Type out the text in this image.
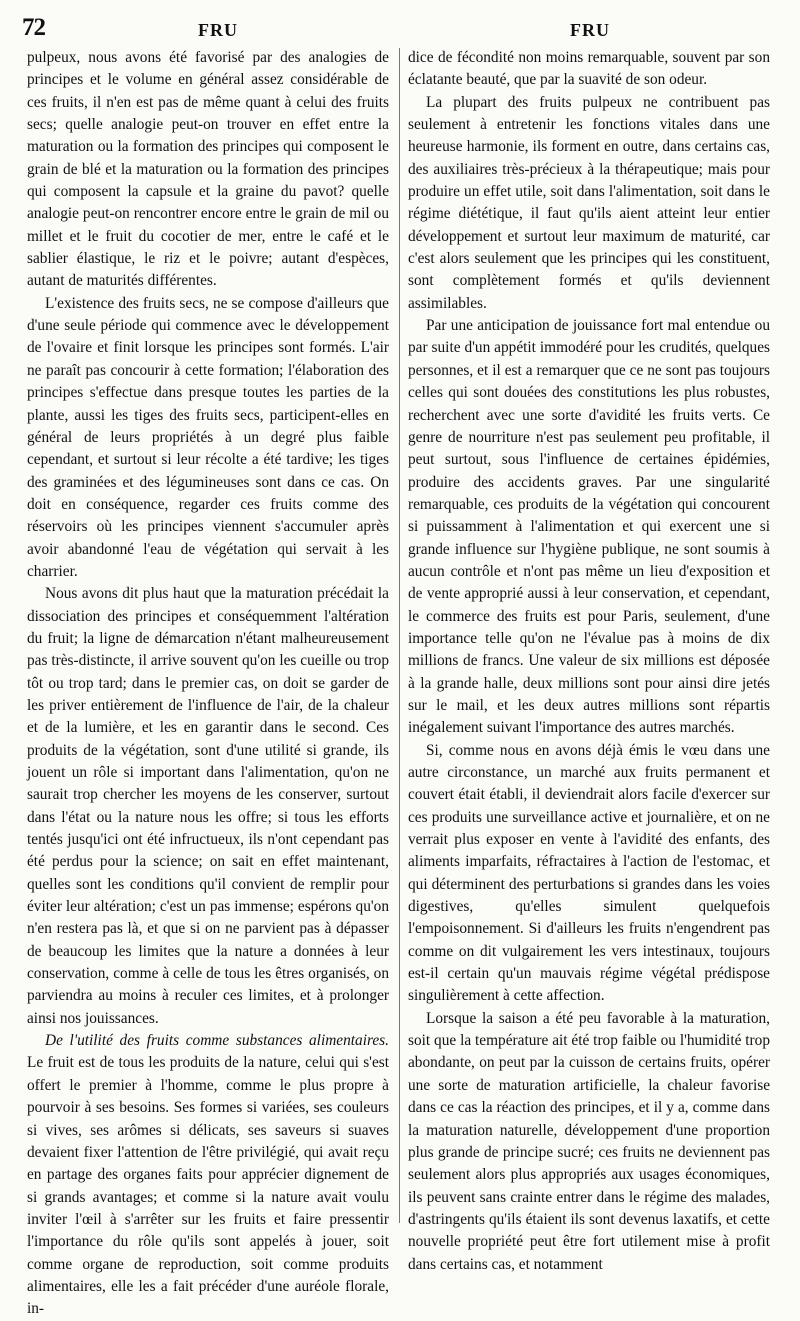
72	FRU	FRU

pulpeux, nous avons été favorisé par des analogies de principes et le volume en général assez considérable de ces fruits, il n'en est pas de même quant à celui des fruits secs; quelle analogie peut-on trouver en effet entre la maturation ou la formation des principes qui composent le grain de blé et la maturation ou la formation des principes qui composent la capsule et la graine du pavot? quelle analogie peut-on rencontrer encore entre le grain de mil ou millet et le fruit du cocotier de mer, entre le café et le sablier élastique, le riz et le poivre; autant d'espèces, autant de maturités différentes.

L'existence des fruits secs, ne se compose d'ailleurs que d'une seule période qui commence avec le développement de l'ovaire et finit lorsque les principes sont formés. L'air ne paraît pas concourir à cette formation; l'élaboration des principes s'effectue dans presque toutes les parties de la plante, aussi les tiges des fruits secs, participent-elles en général de leurs propriétés à un degré plus faible cependant, et surtout si leur récolte a été tardive; les tiges des graminées et des légumineuses sont dans ce cas. On doit en conséquence, regarder ces fruits comme des réservoirs où les principes viennent s'accumuler après avoir abandonné l'eau de végétation qui servait à les charrier.

Nous avons dit plus haut que la maturation précédait la dissociation des principes et conséquemment l'altération du fruit; la ligne de démarcation n'étant malheureusement pas très-distincte, il arrive souvent qu'on les cueille ou trop tôt ou trop tard; dans le premier cas, on doit se garder de les priver entièrement de l'influence de l'air, de la chaleur et de la lumière, et les en garantir dans le second. Ces produits de la végétation, sont d'une utilité si grande, ils jouent un rôle si important dans l'alimentation, qu'on ne saurait trop chercher les moyens de les conserver, surtout dans l'état ou la nature nous les offre; si tous les efforts tentés jusqu'ici ont été infructueux, ils n'ont cependant pas été perdus pour la science; on sait en effet maintenant, quelles sont les conditions qu'il convient de remplir pour éviter leur altération; c'est un pas immense; espérons qu'on n'en restera pas là, et que si on ne parvient pas à dépasser de beaucoup les limites que la nature a données à leur conservation, comme à celle de tous les êtres organisés, on parviendra au moins à reculer ces limites, et à prolonger ainsi nos jouissances.

De l'utilité des fruits comme substances alimentaires. Le fruit est de tous les produits de la nature, celui qui s'est offert le premier à l'homme, comme le plus propre à pourvoir à ses besoins. Ses formes si variées, ses couleurs si vives, ses arômes si délicats, ses saveurs si suaves devaient fixer l'attention de l'être privilégié, qui avait reçu en partage des organes faits pour apprécier dignement de si grands avantages; et comme si la nature avait voulu inviter l'œil à s'arrêter sur les fruits et faire pressentir l'importance du rôle qu'ils sont appelés à jouer, soit comme organe de reproduction, soit comme produits alimentaires, elle les a fait précéder d'une auréole florale, in-

dice de fécondité non moins remarquable, souvent par son éclatante beauté, que par la suavité de son odeur.

La plupart des fruits pulpeux ne contribuent pas seulement à entretenir les fonctions vitales dans une heureuse harmonie, ils forment en outre, dans certains cas, des auxiliaires très-précieux à la thérapeutique; mais pour produire un effet utile, soit dans l'alimentation, soit dans le régime diététique, il faut qu'ils aient atteint leur entier développement et surtout leur maximum de maturité, car c'est alors seulement que les principes qui les constituent, sont complètement formés et qu'ils deviennent assimilables.

Par une anticipation de jouissance fort mal entendue ou par suite d'un appétit immodéré pour les crudités, quelques personnes, et il est a remarquer que ce ne sont pas toujours celles qui sont douées des constitutions les plus robustes, recherchent avec une sorte d'avidité les fruits verts. Ce genre de nourriture n'est pas seulement peu profitable, il peut surtout, sous l'influence de certaines épidémies, produire des accidents graves. Par une singularité remarquable, ces produits de la végétation qui concourent si puissamment à l'alimentation et qui exercent une si grande influence sur l'hygiène publique, ne sont soumis à aucun contrôle et n'ont pas même un lieu d'exposition et de vente approprié aussi à leur conservation, et cependant, le commerce des fruits est pour Paris, seulement, d'une importance telle qu'on ne l'évalue pas à moins de dix millions de francs. Une valeur de six millions est déposée à la grande halle, deux millions sont pour ainsi dire jetés sur le mail, et les deux autres millions sont répartis inégalement suivant l'importance des autres marchés.

Si, comme nous en avons déjà émis le vœu dans une autre circonstance, un marché aux fruits permanent et couvert était établi, il deviendrait alors facile d'exercer sur ces produits une surveillance active et journalière, et on ne verrait plus exposer en vente à l'avidité des enfants, des aliments imparfaits, réfractaires à l'action de l'estomac, et qui déterminent des perturbations si grandes dans les voies digestives, qu'elles simulent quelquefois l'empoisonnement. Si d'ailleurs les fruits n'engendrent pas comme on dit vulgairement les vers intestinaux, toujours est-il certain qu'un mauvais régime végétal prédispose singulièrement à cette affection.

Lorsque la saison a été peu favorable à la maturation, soit que la température ait été trop faible ou l'humidité trop abondante, on peut par la cuisson de certains fruits, opérer une sorte de maturation artificielle, la chaleur favorise dans ce cas la réaction des principes, et il y a, comme dans la maturation naturelle, développement d'une proportion plus grande de principe sucré; ces fruits ne deviennent pas seulement alors plus appropriés aux usages économiques, ils peuvent sans crainte entrer dans le régime des malades, d'astringents qu'ils étaient ils sont devenus laxatifs, et cette nouvelle propriété peut être fort utilement mise à profit dans certains cas, et notamment
